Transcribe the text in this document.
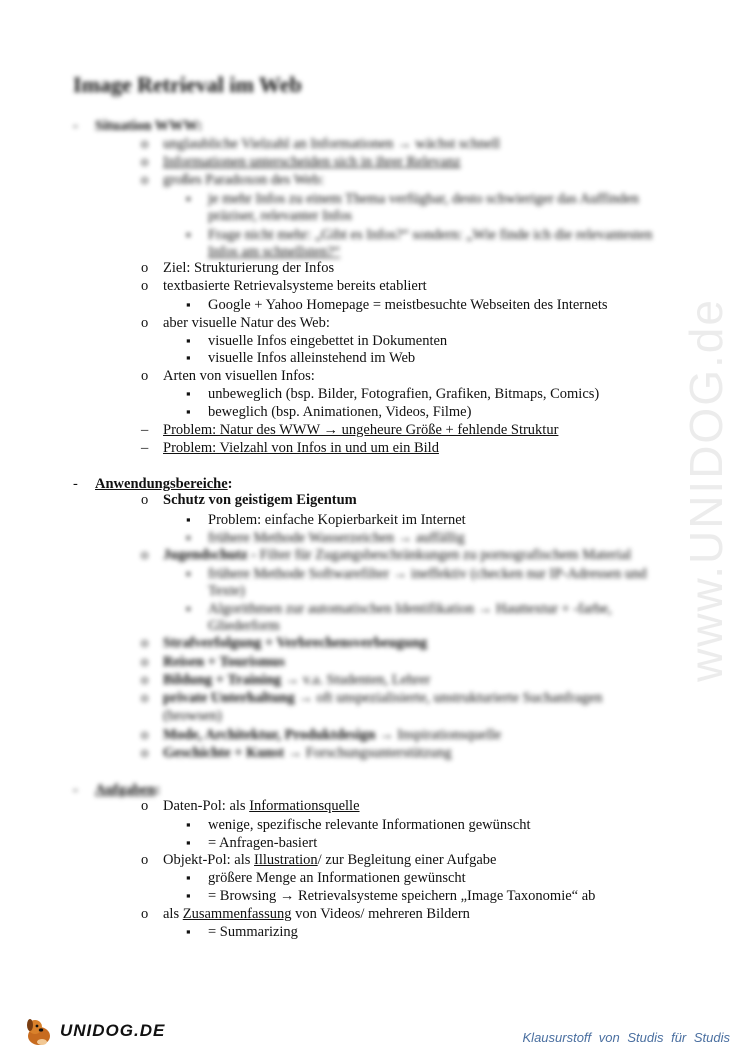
Image Retrieval im Web
- Situation WWW:
ounglaubliche Vielzahl an Informationen → wächst schnell
oInformationen unterscheiden sich in ihrer Relevanz
ogroßes Paradoxon des Web:
▪je mehr Infos zu einem Thema verfügbar, desto schwieriger das Auffinden
präziser, relevanter Infos
▪Frage nicht mehr: „Gibt es Infos?“ sondern: „Wie finde ich die relevantesten
Infos am schnellsten?“
oZiel: Strukturierung der Infos
otextbasierte Retrievalsysteme bereits etabliert
▪Google + Yahoo Homepage = meistbesuchte Webseiten des Internets
oaber visuelle Natur des Web:
▪visuelle Infos eingebettet in Dokumenten
▪visuelle Infos alleinstehend im Web
oArten von visuellen Infos:
▪unbeweglich (bsp. Bilder, Fotografien, Grafiken, Bitmaps, Comics)
▪beweglich (bsp. Animationen, Videos, Filme)
– Problem: Natur des WWW → ungeheure Größe + fehlende Struktur
– Problem: Vielzahl von Infos in und um ein Bild
- Anwendungsbereiche:
oSchutz von geistigem Eigentum
▪Problem: einfache Kopierbarkeit im Internet
▪frühere Methode Wasserzeichen → auffällig
oJugendschutz - Filter für Zugangsbeschränkungen zu pornografischem Material
▪frühere Methode Softwarefilter → ineffektiv (checken nur IP-Adressen und
Texte)
▪Algorithmen zur automatischen Identifikation → Hauttextur + -farbe,
Gliederform
oStrafverfolgung + Verbrechensverbeugung
oReisen + Tourismus
oBildung + Training → v.a. Studenten, Lehrer
oprivate Unterhaltung → oft unspezialisierte, unstrukturierte Suchanfragen
(browsen)
oMode, Architektur, Produktdesign → Inspirationsquelle
oGeschichte + Kunst → Forschungsunterstützung
- Aufgaben:
oDaten-Pol: als Informationsquelle
▪wenige, spezifische relevante Informationen gewünscht
▪= Anfragen-basiert
oObjekt-Pol: als Illustration/ zur Begleitung einer Aufgabe
▪größere Menge an Informationen gewünscht
▪= Browsing → Retrievalsysteme speichern „Image Taxonomie“ ab
oals Zusammenfassung von Videos/ mehreren Bildern
▪= Summarizing
www.UNIDOG.de
UNIDOG.DE	Klausurstoff von Studis für Studis
